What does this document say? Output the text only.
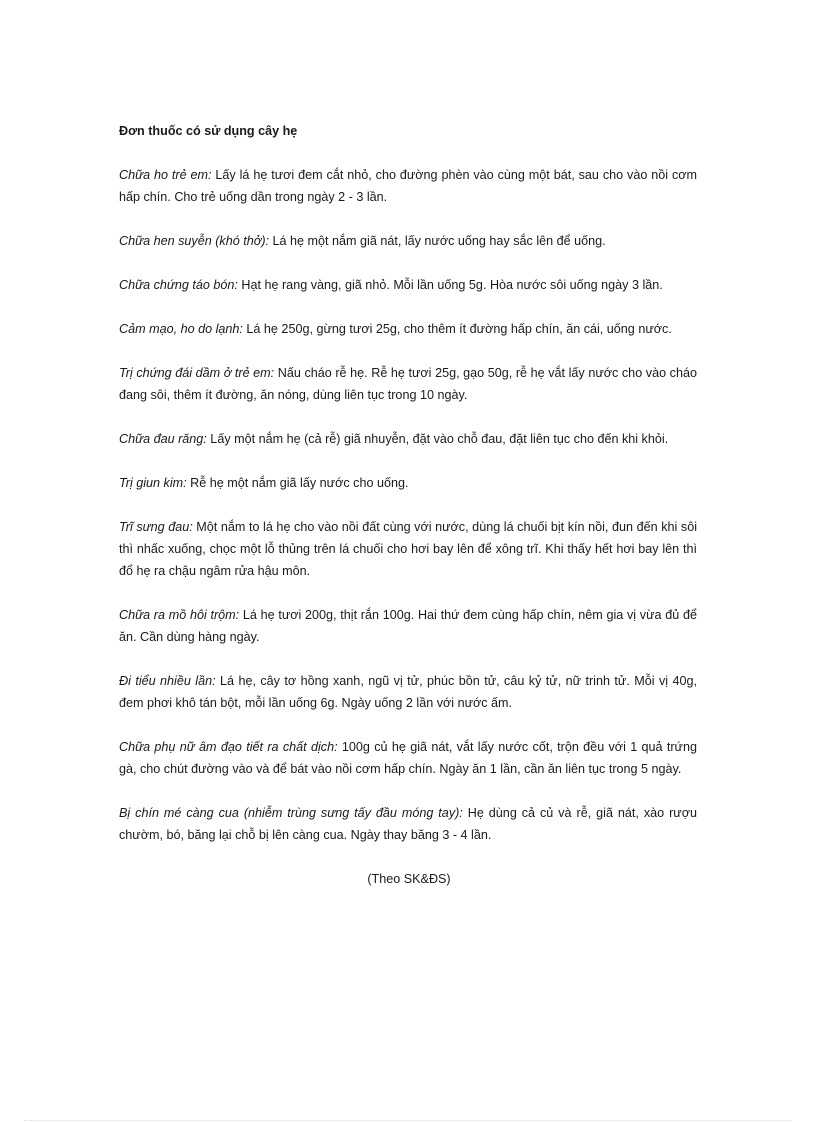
Đơn thuốc có sử dụng cây hẹ

Chữa ho trẻ em: Lấy lá hẹ tươi đem cắt nhỏ, cho đường phèn vào cùng một bát, sau cho vào nồi cơm hấp chín. Cho trẻ uống dần trong ngày 2 - 3 lần.

Chữa hen suyễn (khó thở): Lá hẹ một nắm giã nát, lấy nước uống hay sắc lên để uống.

Chữa chứng táo bón: Hạt hẹ rang vàng, giã nhỏ. Mỗi lần uống 5g. Hòa nước sôi uống ngày 3 lần.

Cảm mạo, ho do lạnh: Lá hẹ 250g, gừng tươi 25g, cho thêm ít đường hấp chín, ăn cái, uống nước.

Trị chứng đái dầm ở trẻ em: Nấu cháo rễ hẹ. Rễ hẹ tươi 25g, gạo 50g, rễ hẹ vắt lấy nước cho vào cháo đang sôi, thêm ít đường, ăn nóng, dùng liên tục trong 10 ngày.

Chữa đau răng: Lấy một nắm hẹ (cả rễ) giã nhuyễn, đặt vào chỗ đau, đặt liên tục cho đến khi khỏi.

Trị giun kim: Rễ hẹ một nắm giã lấy nước cho uống.

Trĩ sưng đau: Một nắm to lá hẹ cho vào nồi đất cùng với nước, dùng lá chuối bịt kín nồi, đun đến khi sôi thì nhấc xuống, chọc một lỗ thủng trên lá chuối cho hơi bay lên để xông trĩ. Khi thấy hết hơi bay lên thì đổ hẹ ra chậu ngâm rửa hậu môn.

Chữa ra mồ hôi trộm: Lá hẹ tươi 200g, thịt rắn 100g. Hai thứ đem cùng hấp chín, nêm gia vị vừa đủ để ăn. Cần dùng hàng ngày.

Đi tiểu nhiều lần: Lá hẹ, cây tơ hồng xanh, ngũ vị tử, phúc bồn tử, câu kỷ tử, nữ trinh tử. Mỗi vị 40g, đem phơi khô tán bột, mỗi lần uống 6g. Ngày uống 2 lần với nước ấm.

Chữa phụ nữ âm đạo tiết ra chất dịch: 100g củ hẹ giã nát, vắt lấy nước cốt, trộn đều với 1 quả trứng gà, cho chút đường vào và để bát vào nồi cơm hấp chín. Ngày ăn 1 lần, cần ăn liên tục trong 5 ngày.

Bị chín mé càng cua (nhiễm trùng sưng tấy đầu móng tay): Hẹ dùng cả củ và rễ, giã nát, xào rượu chườm, bó, băng lại chỗ bị lên càng cua. Ngày thay băng 3 - 4 lần.

(Theo SK&ĐS)
